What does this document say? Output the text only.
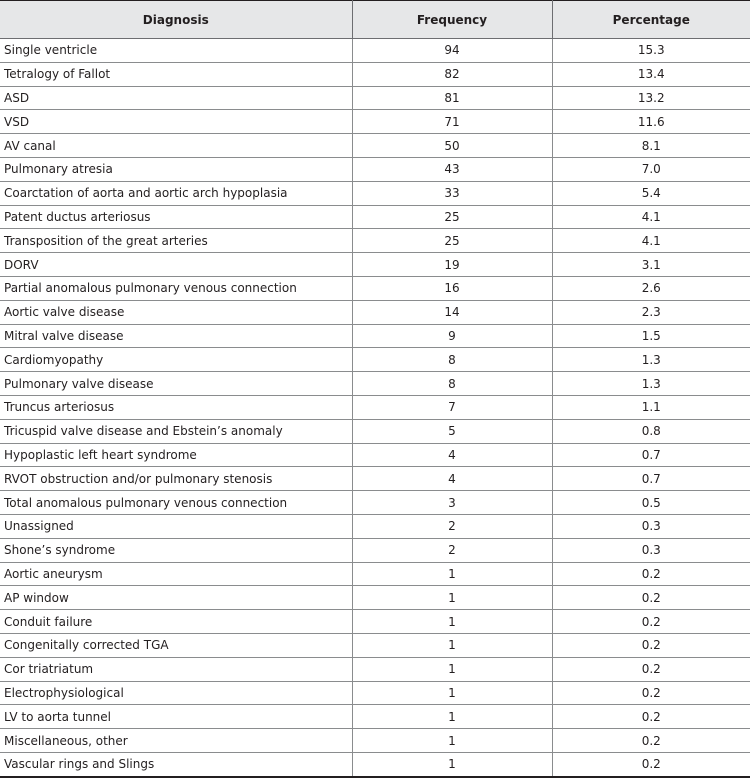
Diagnosis	Frequency	Percentage
Single ventricle	94	15.3
Tetralogy of Fallot	82	13.4
ASD	81	13.2
VSD	71	11.6
AV canal	50	8.1
Pulmonary atresia	43	7.0
Coarctation of aorta and aortic arch hypoplasia	33	5.4
Patent ductus arteriosus	25	4.1
Transposition of the great arteries	25	4.1
DORV	19	3.1
Partial anomalous pulmonary venous connection	16	2.6
Aortic valve disease	14	2.3
Mitral valve disease	9	1.5
Cardiomyopathy	8	1.3
Pulmonary valve disease	8	1.3
Truncus arteriosus	7	1.1
Tricuspid valve disease and Ebstein’s anomaly	5	0.8
Hypoplastic left heart syndrome	4	0.7
RVOT obstruction and/or pulmonary stenosis	4	0.7
Total anomalous pulmonary venous connection	3	0.5
Unassigned	2	0.3
Shone’s syndrome	2	0.3
Aortic aneurysm	1	0.2
AP window	1	0.2
Conduit failure	1	0.2
Congenitally corrected TGA	1	0.2
Cor triatriatum	1	0.2
Electrophysiological	1	0.2
LV to aorta tunnel	1	0.2
Miscellaneous, other	1	0.2
Vascular rings and Slings	1	0.2
